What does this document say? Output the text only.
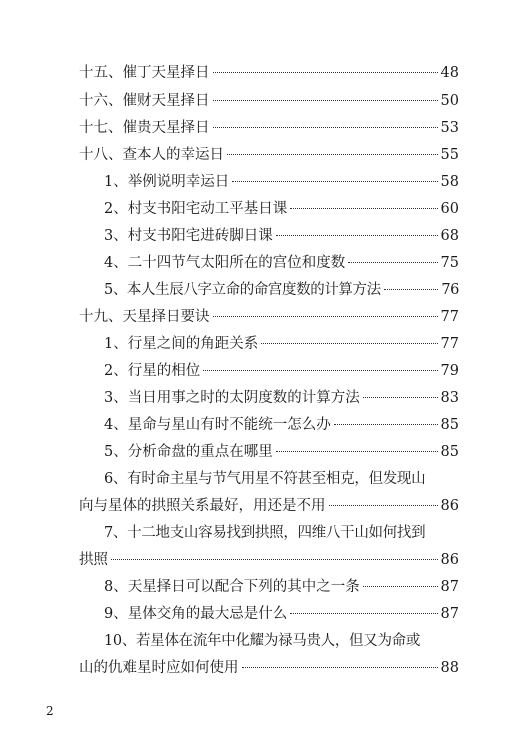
十五、催丁天星择日	48
十六、催财天星择日	50
十七、催贵天星择日	53
十八、查本人的幸运日	55
1、举例说明幸运日	58
2、村支书阳宅动工平基日课	60
3、村支书阳宅进砖脚日课	68
4、二十四节气太阳所在的宫位和度数	75
5、本人生辰八字立命的命宫度数的计算方法	76
十九、天星择日要诀	77
1、行星之间的角距关系	77
2、行星的相位	79
3、当日用事之时的太阴度数的计算方法	83
4、星命与星山有时不能统一怎么办	85
5、分析命盘的重点在哪里	85
6、有时命主星与节气用星不符甚至相克，但发现山
向与星体的拱照关系最好，用还是不用	86
7、十二地支山容易找到拱照，四维八干山如何找到
拱照	86
8、天星择日可以配合下列的其中之一条	87
9、星体交角的最大忌是什么	87
10、若星体在流年中化耀为禄马贵人，但又为命或
山的仇难星时应如何使用	88
2
